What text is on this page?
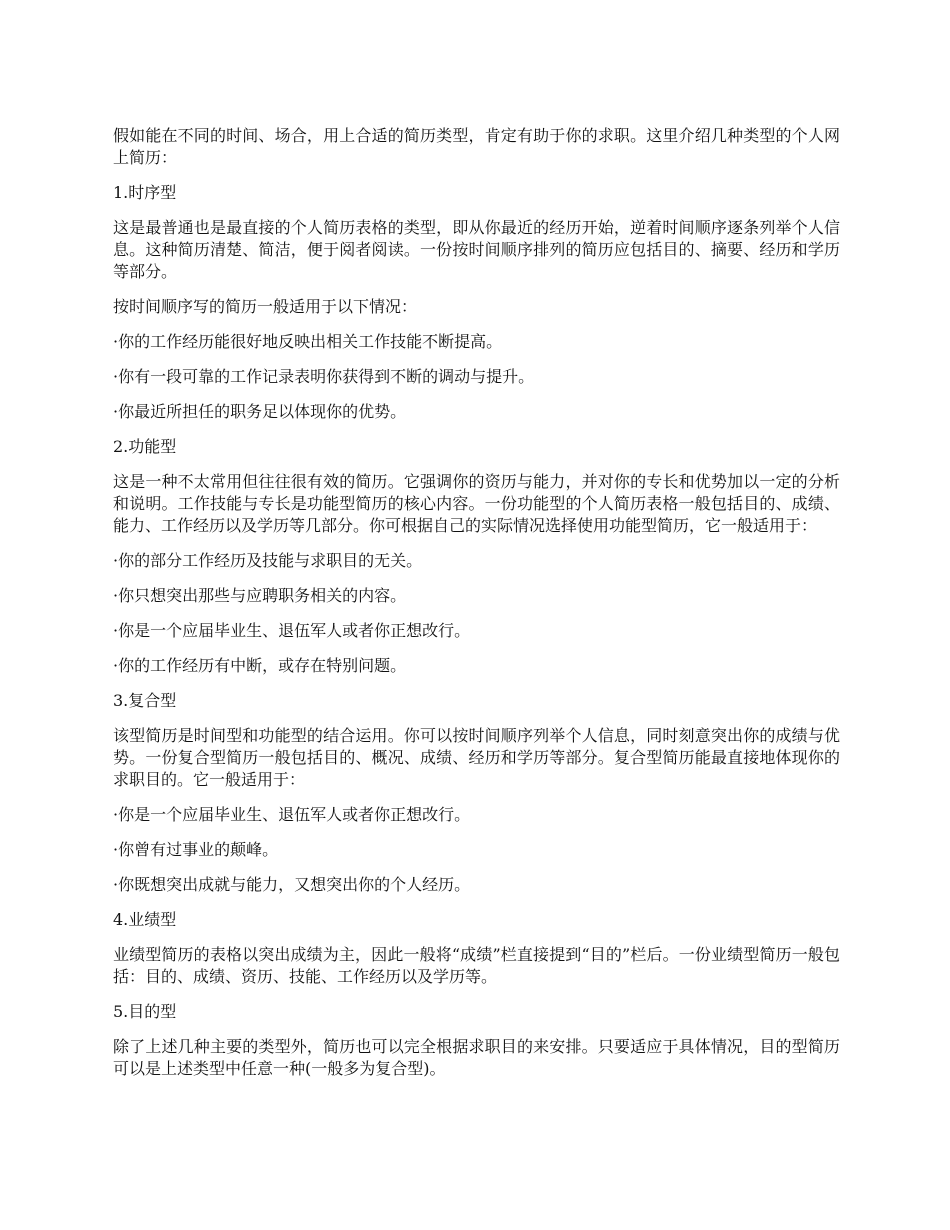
假如能在不同的时间、场合，用上合适的简历类型，肯定有助于你的求职。这里介绍几种类型的个人网上简历：

1.时序型

这是最普通也是最直接的个人简历表格的类型，即从你最近的经历开始，逆着时间顺序逐条列举个人信息。这种简历清楚、简洁，便于阅者阅读。一份按时间顺序排列的简历应包括目的、摘要、经历和学历等部分。

按时间顺序写的简历一般适用于以下情况：

·你的工作经历能很好地反映出相关工作技能不断提高。

·你有一段可靠的工作记录表明你获得到不断的调动与提升。

·你最近所担任的职务足以体现你的优势。

2.功能型

这是一种不太常用但往往很有效的简历。它强调你的资历与能力，并对你的专长和优势加以一定的分析和说明。工作技能与专长是功能型简历的核心内容。一份功能型的个人简历表格一般包括目的、成绩、能力、工作经历以及学历等几部分。你可根据自己的实际情况选择使用功能型简历，它一般适用于：

·你的部分工作经历及技能与求职目的无关。

·你只想突出那些与应聘职务相关的内容。

·你是一个应届毕业生、退伍军人或者你正想改行。

·你的工作经历有中断，或存在特别问题。

3.复合型

该型简历是时间型和功能型的结合运用。你可以按时间顺序列举个人信息，同时刻意突出你的成绩与优势。一份复合型简历一般包括目的、概况、成绩、经历和学历等部分。复合型简历能最直接地体现你的求职目的。它一般适用于：

·你是一个应届毕业生、退伍军人或者你正想改行。

·你曾有过事业的颠峰。

·你既想突出成就与能力，又想突出你的个人经历。

4.业绩型

业绩型简历的表格以突出成绩为主，因此一般将“成绩”栏直接提到“目的”栏后。一份业绩型简历一般包括：目的、成绩、资历、技能、工作经历以及学历等。

5.目的型

除了上述几种主要的类型外，简历也可以完全根据求职目的来安排。只要适应于具体情况，目的型简历可以是上述类型中任意一种(一般多为复合型)。
